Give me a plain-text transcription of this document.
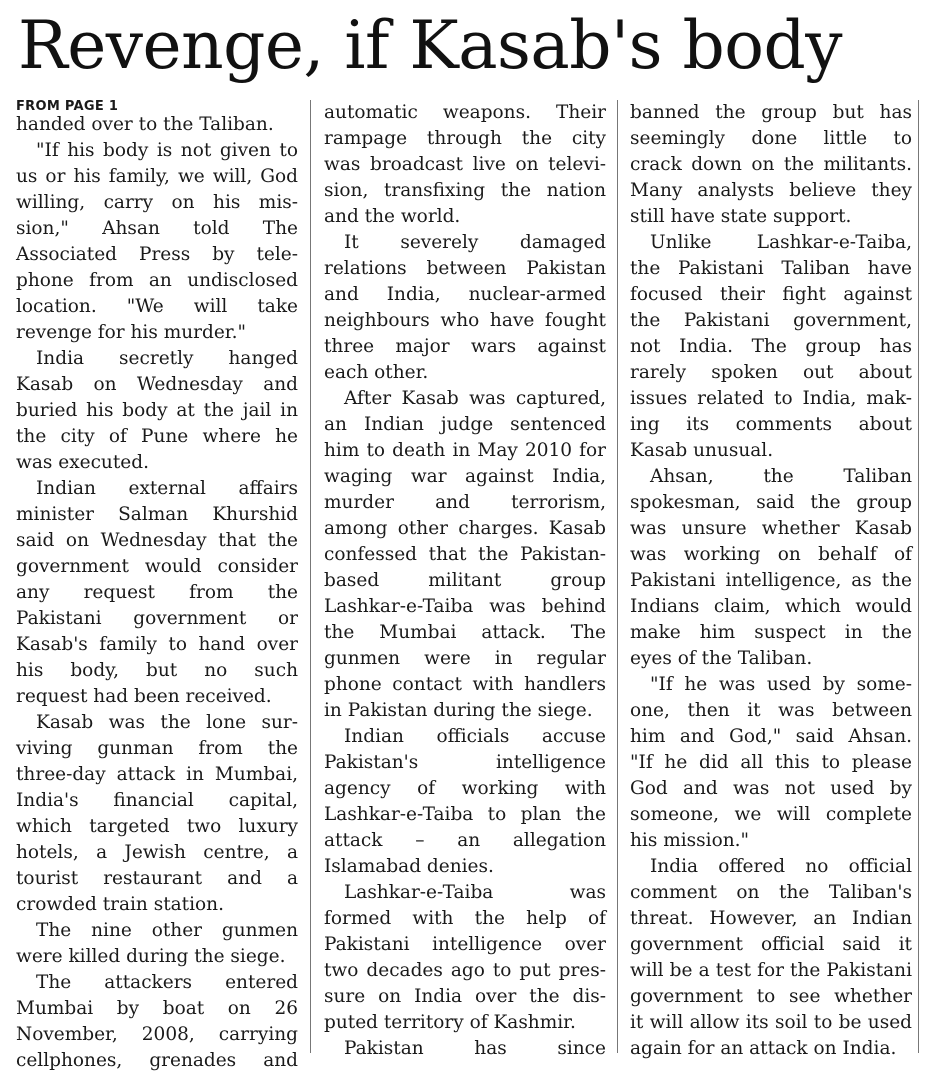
Revenge, if Kasab's body
FROM PAGE 1
handed over to the Taliban.
"If his body is not given to
us or his family, we will, God
willing, carry on his mis-
sion," Ahsan told The
Associated Press by tele-
phone from an undisclosed
location. "We will take
revenge for his murder."
India secretly hanged
Kasab on Wednesday and
buried his body at the jail in
the city of Pune where he
was executed.
Indian external affairs
minister Salman Khurshid
said on Wednesday that the
government would consider
any request from the
Pakistani government or
Kasab's family to hand over
his body, but no such
request had been received.
Kasab was the lone sur-
viving gunman from the
three-day attack in Mumbai,
India's financial capital,
which targeted two luxury
hotels, a Jewish centre, a
tourist restaurant and a
crowded train station.
The nine other gunmen
were killed during the siege.
The attackers entered
Mumbai by boat on 26
November, 2008, carrying
cellphones, grenades and
automatic weapons. Their
rampage through the city
was broadcast live on televi-
sion, transfixing the nation
and the world.
It severely damaged
relations between Pakistan
and India, nuclear-armed
neighbours who have fought
three major wars against
each other.
After Kasab was captured,
an Indian judge sentenced
him to death in May 2010 for
waging war against India,
murder and terrorism,
among other charges. Kasab
confessed that the Pakistan-
based militant group
Lashkar-e-Taiba was behind
the Mumbai attack. The
gunmen were in regular
phone contact with handlers
in Pakistan during the siege.
Indian officials accuse
Pakistan's intelligence
agency of working with
Lashkar-e-Taiba to plan the
attack – an allegation
Islamabad denies.
Lashkar-e-Taiba was
formed with the help of
Pakistani intelligence over
two decades ago to put pres-
sure on India over the dis-
puted territory of Kashmir.
Pakistan has since
banned the group but has
seemingly done little to
crack down on the militants.
Many analysts believe they
still have state support.
Unlike Lashkar-e-Taiba,
the Pakistani Taliban have
focused their fight against
the Pakistani government,
not India. The group has
rarely spoken out about
issues related to India, mak-
ing its comments about
Kasab unusual.
Ahsan, the Taliban
spokesman, said the group
was unsure whether Kasab
was working on behalf of
Pakistani intelligence, as the
Indians claim, which would
make him suspect in the
eyes of the Taliban.
"If he was used by some-
one, then it was between
him and God," said Ahsan.
"If he did all this to please
God and was not used by
someone, we will complete
his mission."
India offered no official
comment on the Taliban's
threat. However, an Indian
government official said it
will be a test for the Pakistani
government to see whether
it will allow its soil to be used
again for an attack on India.
